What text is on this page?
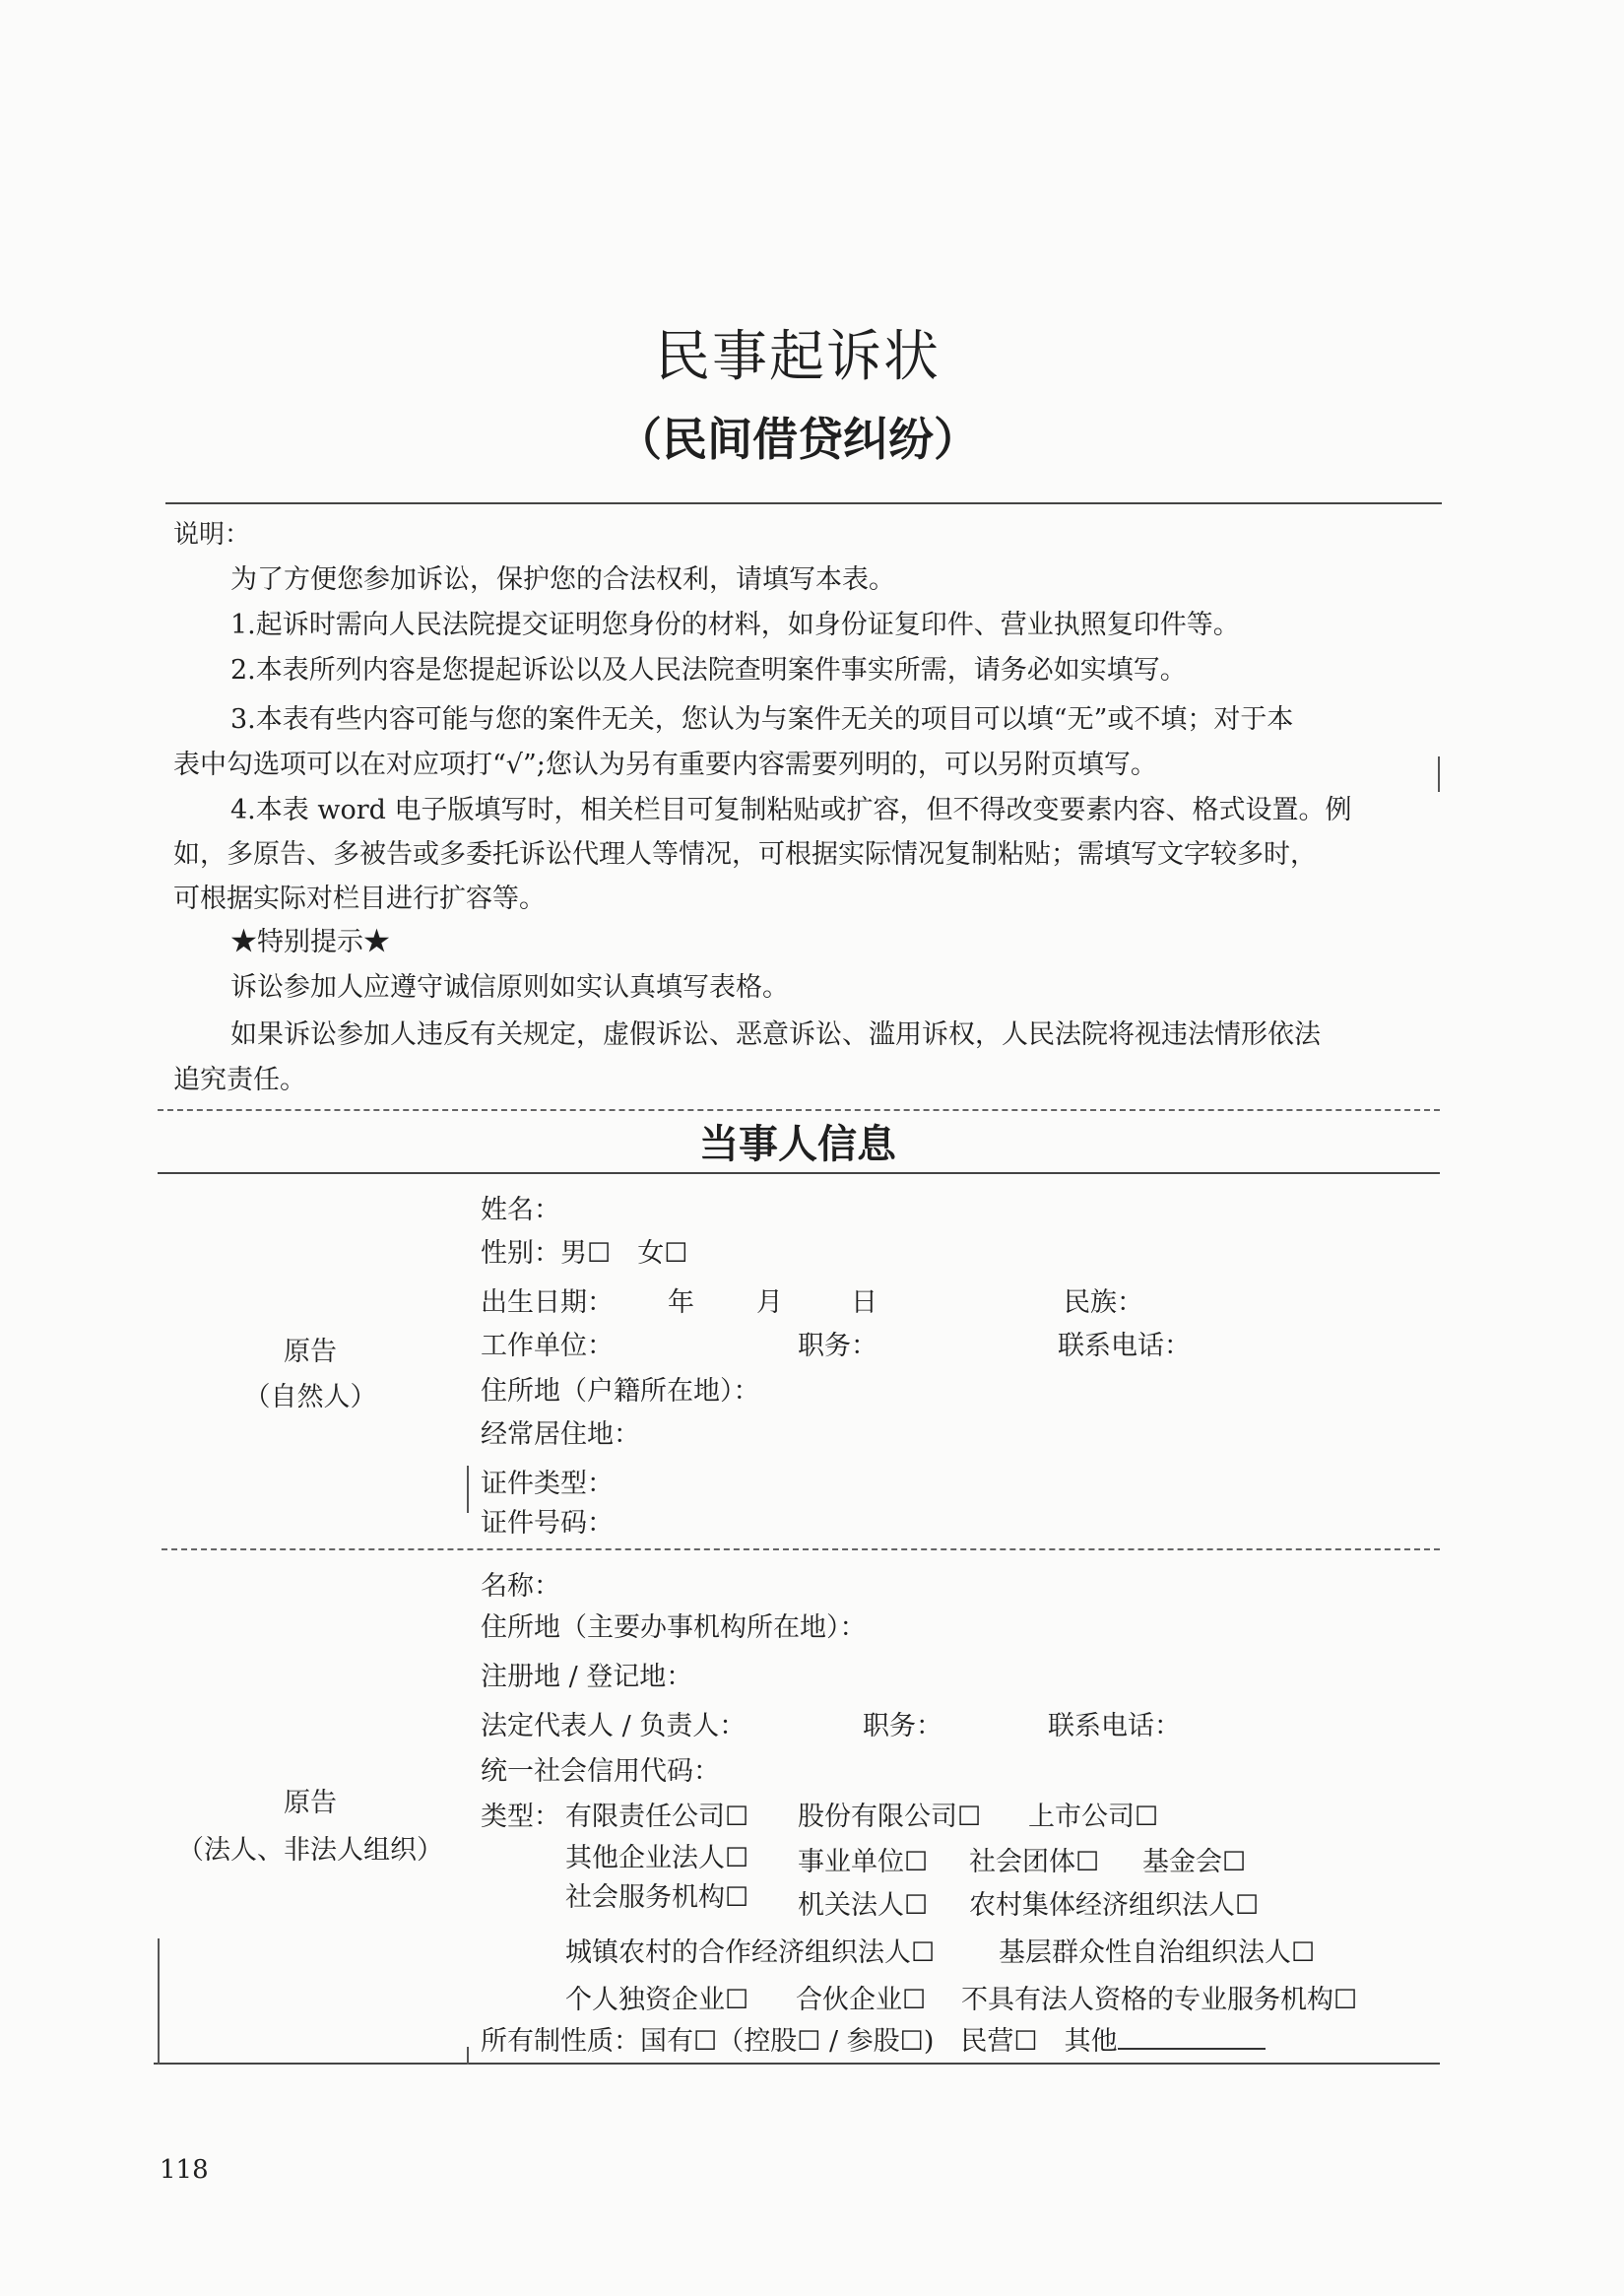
民事起诉状
（民间借贷纠纷）
说明：
为了方便您参加诉讼，保护您的合法权利，请填写本表。
1.起诉时需向人民法院提交证明您身份的材料，如身份证复印件、营业执照复印件等。
2.本表所列内容是您提起诉讼以及人民法院查明案件事实所需，请务必如实填写。
3.本表有些内容可能与您的案件无关，您认为与案件无关的项目可以填“无”或不填；对于本
表中勾选项可以在对应项打“√”;您认为另有重要内容需要列明的，可以另附页填写。
4.本表 word 电子版填写时，相关栏目可复制粘贴或扩容，但不得改变要素内容、格式设置。例
如，多原告、多被告或多委托诉讼代理人等情况，可根据实际情况复制粘贴；需填写文字较多时，
可根据实际对栏目进行扩容等。
★特别提示★
诉讼参加人应遵守诚信原则如实认真填写表格。
如果诉讼参加人违反有关规定，虚假诉讼、恶意诉讼、滥用诉权，人民法院将视违法情形依法
追究责任。
当事人信息
原告
（自然人）
姓名：
性别：男☐　女☐
出生日期： 年 月	日	民族：
工作单位：	职务：	联系电话：
住所地（户籍所在地）：
经常居住地：
证件类型：
证件号码：
原告
（法人、非法人组织）
名称：
住所地（主要办事机构所在地）：
注册地 / 登记地：
法定代表人 / 负责人：	职务：	联系电话：
统一社会信用代码：
类型： 有限责任公司☐ 股份有限公司☐ 上市公司☐
其他企业法人☐ 事业单位☐ 社会团体☐ 基金会☐
社会服务机构☐ 机关法人☐ 农村集体经济组织法人☐
城镇农村的合作经济组织法人☐ 基层群众性自治组织法人☐
个人独资企业☐ 合伙企业☐ 不具有法人资格的专业服务机构☐
所有制性质：国有☐（控股☐ / 参股☐)　民营☐　其他
118
